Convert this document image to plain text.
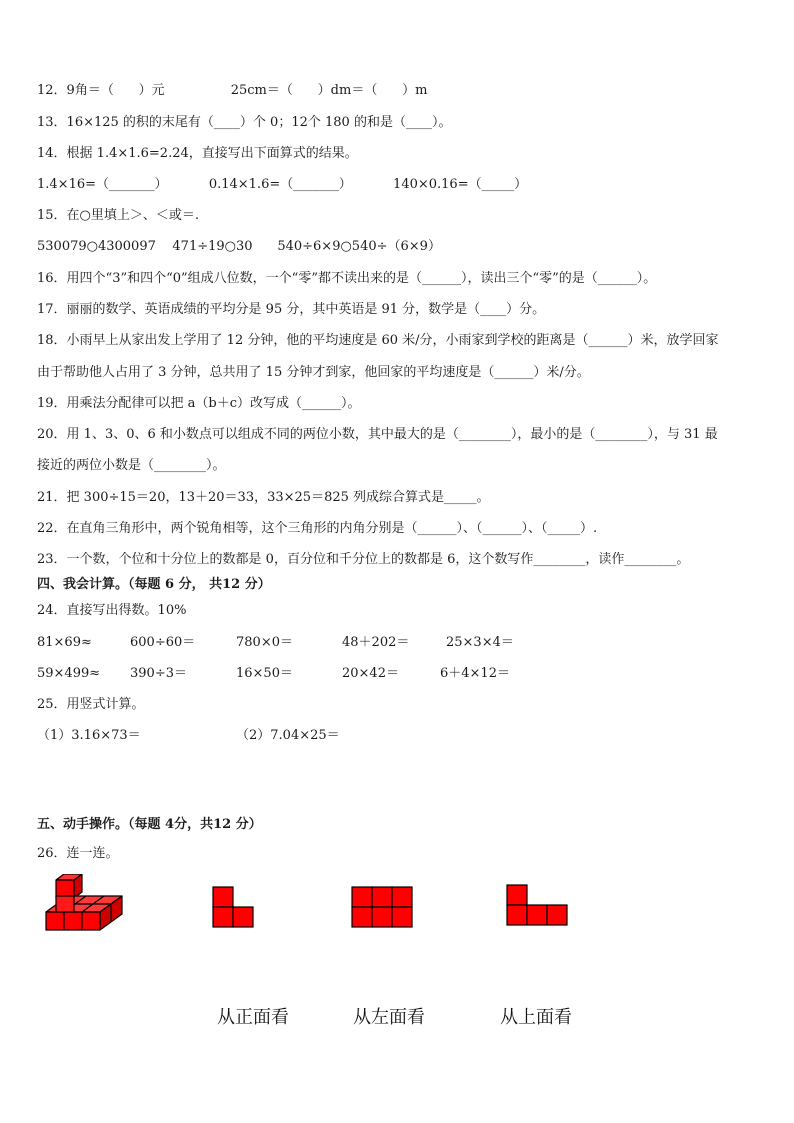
12．9角＝（      ）元                25cm＝（      ）dm＝（      ）m
13．16×125 的积的末尾有（____）个 0；12个 180 的和是（____）。
14．根据 1.4×1.6=2.24，直接写出下面算式的结果。
1.4×16=（_______）          0.14×1.6=（_______）          140×0.16=（_____）
15．在○里填上＞、＜或＝.
530079○4300097    471÷19○30      540÷6×9○540÷（6×9）
16．用四个“3”和四个“0”组成八位数，一个“零”都不读出来的是（______），读出三个“零”的是（______）。
17．丽丽的数学、英语成绩的平均分是 95 分，其中英语是 91 分，数学是（____）分。
18．小雨早上从家出发上学用了 12 分钟，他的平均速度是 60 米/分，小雨家到学校的距离是（______）米，放学回家
由于帮助他人占用了 3 分钟，总共用了 15 分钟才到家，他回家的平均速度是（______）米/分。
19．用乘法分配律可以把 a（b＋c）改写成（______）。
20．用 1、3、0、6 和小数点可以组成不同的两位小数，其中最大的是（________），最小的是（________），与 31 最
接近的两位小数是（________）。
21．把 300÷15＝20，13＋20＝33，33×25＝825 列成综合算式是_____。
22．在直角三角形中，两个锐角相等，这个三角形的内角分别是（______）、（______）、（_____）.
23．一个数，个位和十分位上的数都是 0，百分位和千分位上的数都是 6，这个数写作________，读作________。
四、我会计算。（每题 6 分， 共12 分）
24．直接写出得数。10%
81×69≈	600÷60＝	780×0＝	48＋202＝	25×3×4＝
59×499≈ 390÷3＝	16×50＝	20×42＝	6＋4×12＝
25．用竖式计算。
（1）3.16×73＝	（2）7.04×25＝
五、动手操作。（每题 4分，共12 分）
26．连一连。
从正面看	从左面看	从上面看
